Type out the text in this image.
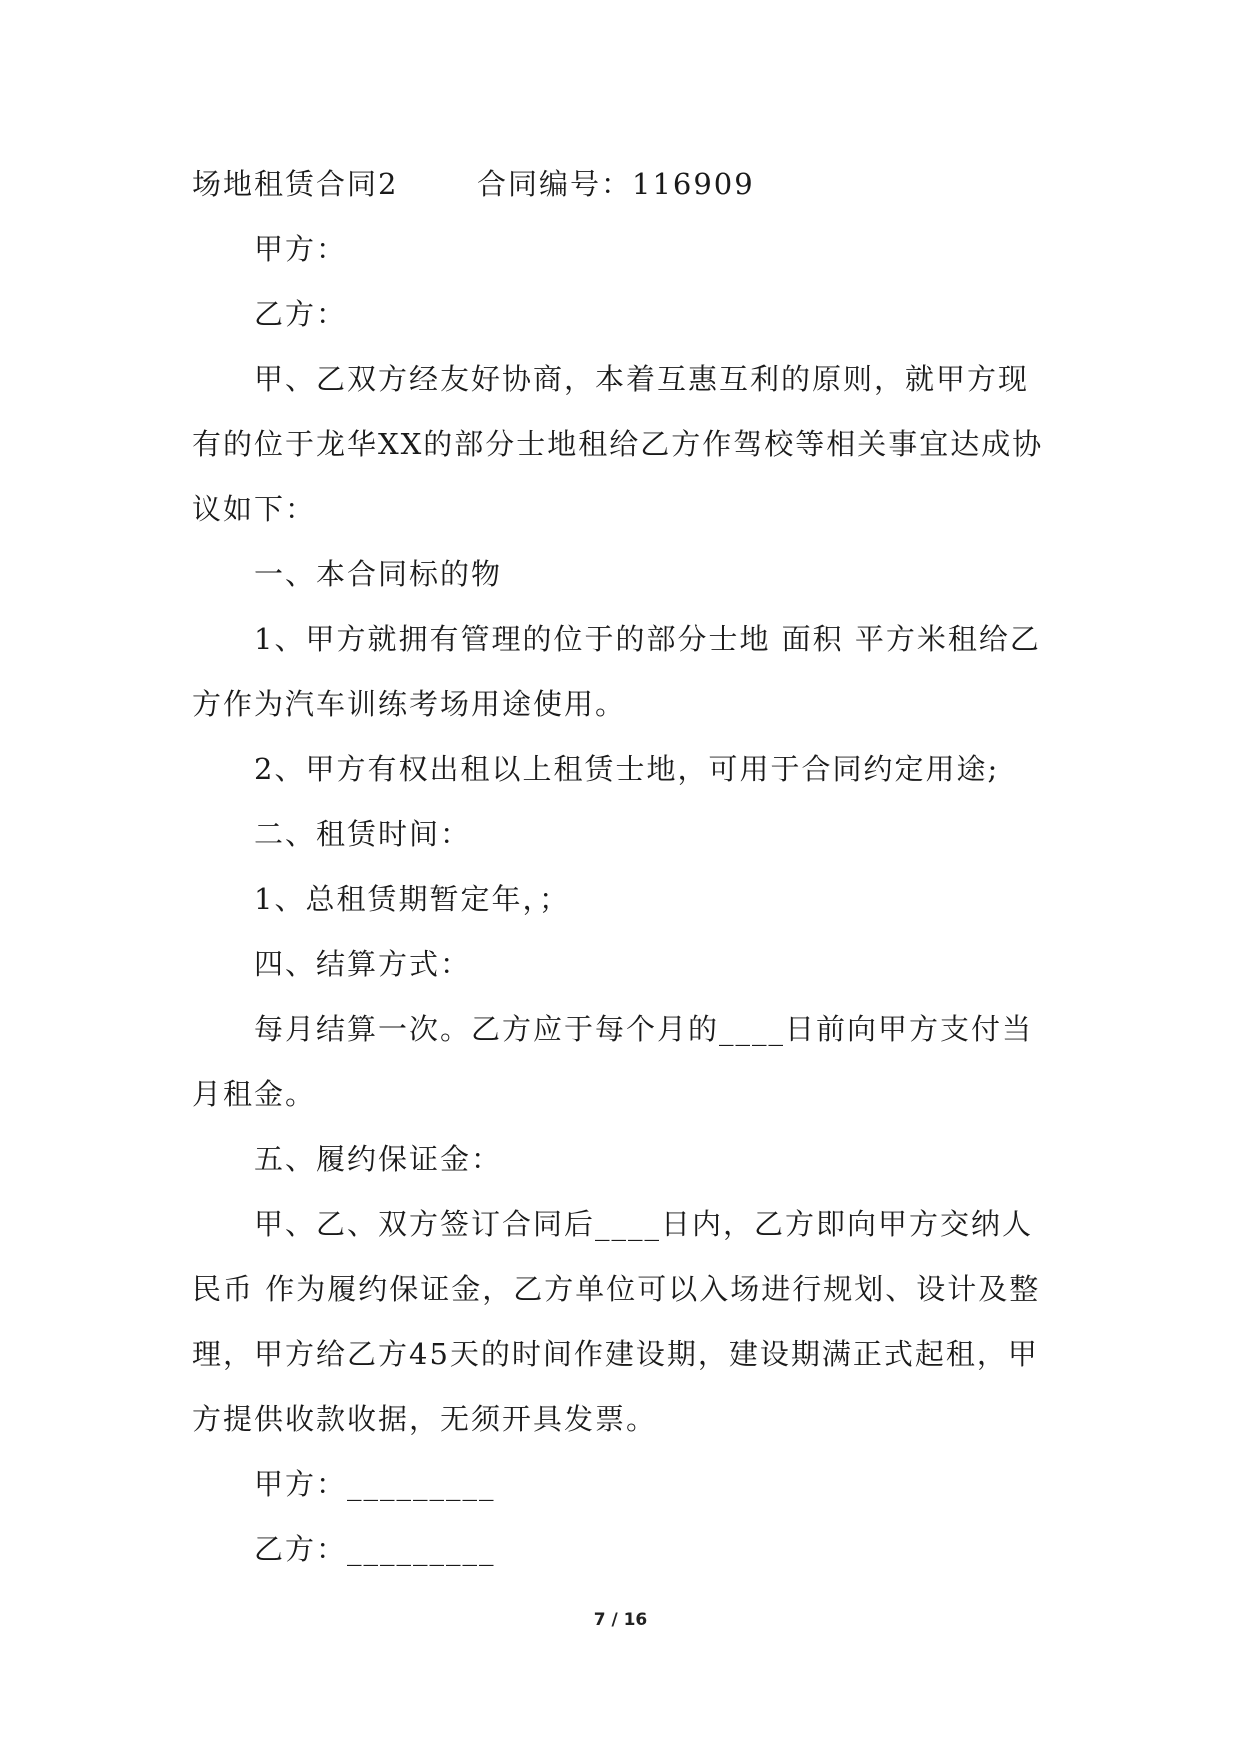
场地租赁合同2	合同编号：116909

甲方：

乙方：

甲、乙双方经友好协商，本着互惠互利的原则，就甲方现有的位于龙华XX的部分士地租给乙方作驾校等相关事宜达成协议如下：

一、本合同标的物

1、甲方就拥有管理的位于的部分士地 面积 平方米租给乙方作为汽车训练考场用途使用。

2、甲方有权出租以上租赁士地，可用于合同约定用途;

二、租赁时间：

1、总租赁期暂定年，；

四、结算方式：

每月结算一次。乙方应于每个月的____日前向甲方支付当月租金。

五、履约保证金：

甲、乙、双方签订合同后____日内，乙方即向甲方交纳人民币 作为履约保证金，乙方单位可以入场进行规划、设计及整理，甲方给乙方45天的时间作建设期，建设期满正式起租，甲方提供收款收据，无须开具发票。

甲方：_________

乙方：_________

7 / 16
